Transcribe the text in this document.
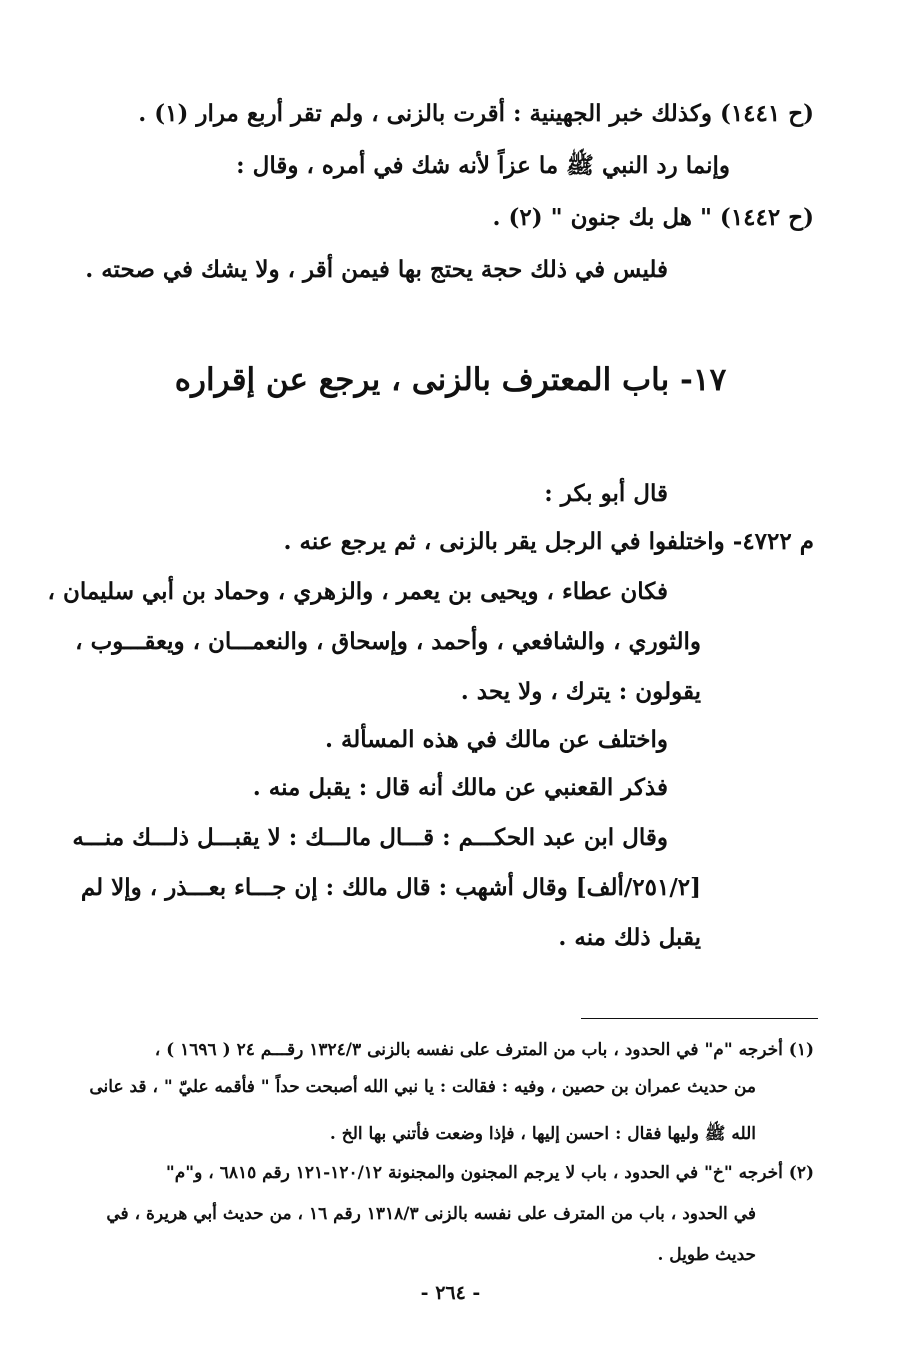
(ح ١٤٤١) وكذلك خبر الجهينية : أقرت بالزنى ، ولم تقر أربع مرار (١) .
وإنما رد النبي ﷺ ما عزاً لأنه شك في أمره ، وقال :
(ح ١٤٤٢) " هل بك جنون " (٢) .
فليس في ذلك حجة يحتج بها فيمن أقر ، ولا يشك في صحته .
١٧- باب المعترف بالزنى ، يرجع عن إقراره
قال أبو بكر :
م ٤٧٢٢- واختلفوا في الرجل يقر بالزنى ، ثم يرجع عنه .
فكان عطاء ، ويحيى بن يعمر ، والزهري ، وحماد بن أبي سليمان ،
والثوري ، والشافعي ، وأحمد ، وإسحاق ، والنعمـــان ، ويعقـــوب ،
يقولون : يترك ، ولا يحد .
واختلف عن مالك في هذه المسألة .
فذكر القعنبي عن مالك أنه قال : يقبل منه .
وقال ابن عبد الحكـــم : قـــال مالـــك : لا يقبـــل ذلـــك منـــه
[٢٥١/٢/ألف] وقال أشهب : قال مالك : إن جـــاء بعـــذر ، وإلا لم
يقبل ذلك منه .
(١) أخرجه "م" في الحدود ، باب من المترف على نفسه بالزنى ١٣٢٤/٣ رقـــم ٢٤ ( ١٦٩٦ ) ،
من حديث عمران بن حصين ، وفيه : فقالت : يا نبي الله أصبحت حداً " فأقمه عليّ " ، قد عانى
الله ﷺ وليها فقال : احسن إليها ، فإذا وضعت فأتني بها الخ .
(٢) أخرجه "خ" في الحدود ، باب لا يرجم المجنون والمجنونة ١٢٠/١٢-١٢١ رقم ٦٨١٥ ، و"م"
في الحدود ، باب من المترف على نفسه بالزنى ١٣١٨/٣ رقم ١٦ ، من حديث أبي هريرة ، في
حديث طويل .
- ٢٦٤ -
